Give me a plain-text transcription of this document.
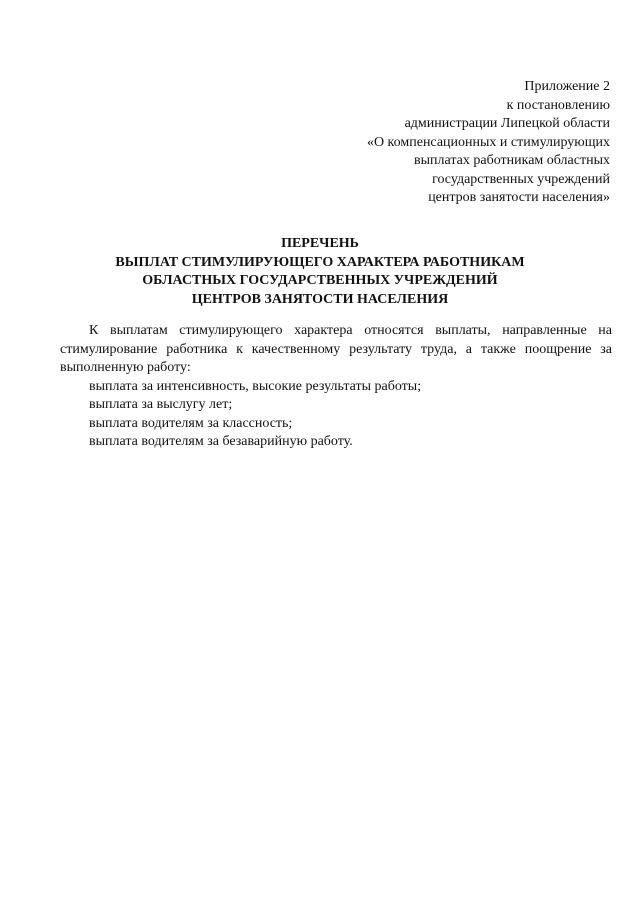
Приложение 2
к постановлению
администрации Липецкой области
«О компенсационных и стимулирующих
выплатах работникам областных
государственных учреждений
центров занятости населения»
ПЕРЕЧЕНЬ
ВЫПЛАТ СТИМУЛИРУЮЩЕГО ХАРАКТЕРА РАБОТНИКАМ
ОБЛАСТНЫХ ГОСУДАРСТВЕННЫХ УЧРЕЖДЕНИЙ
ЦЕНТРОВ ЗАНЯТОСТИ НАСЕЛЕНИЯ

К выплатам стимулирующего характера относятся выплаты, направленные на стимулирование работника к качественному результату труда, а также поощрение за выполненную работу:

выплата за интенсивность, высокие результаты работы;
выплата за выслугу лет;
выплата водителям за классность;
выплата водителям за безаварийную работу.
